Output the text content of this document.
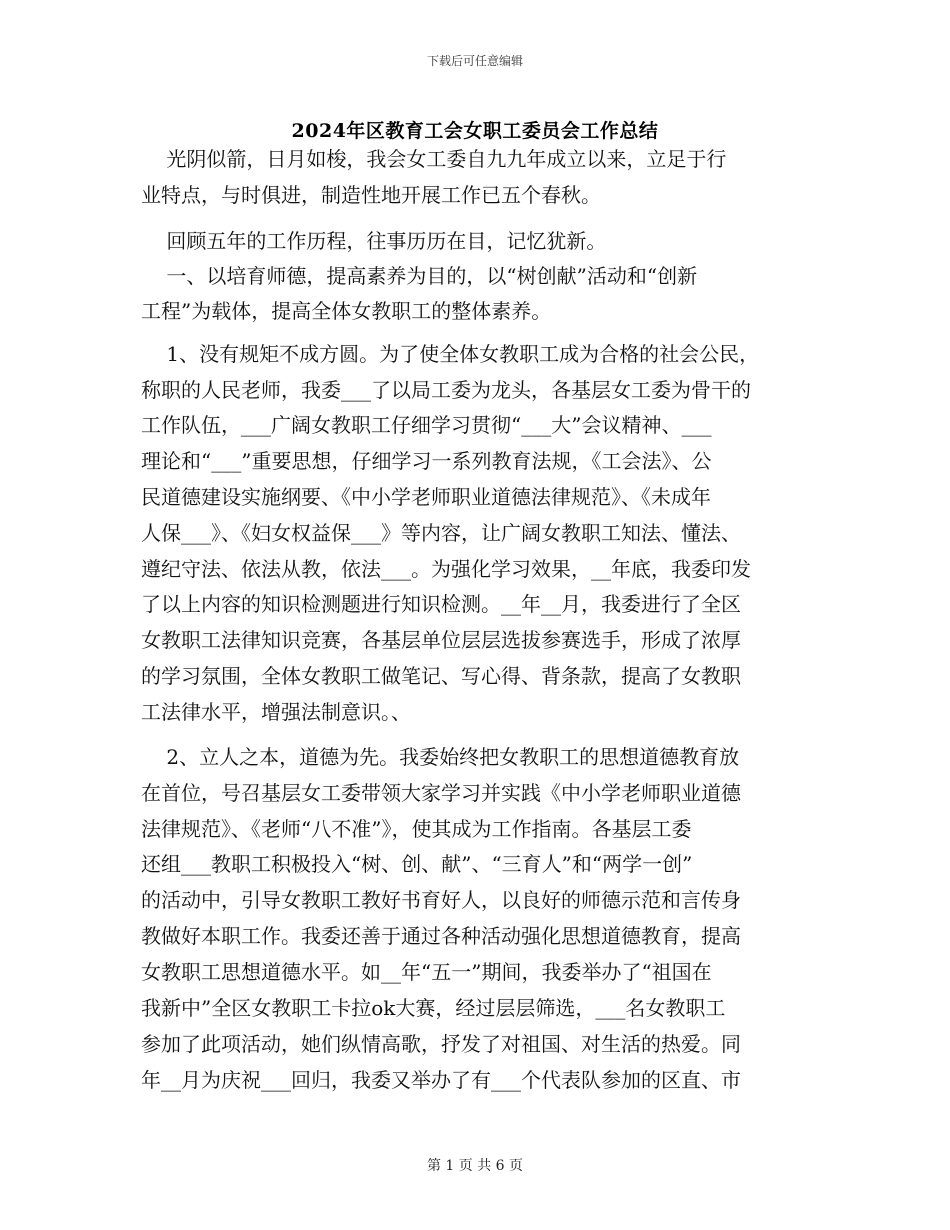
下载后可任意编辑
2024年区教育工会女职工委员会工作总结
光阴似箭，日月如梭，我会女工委自九九年成立以来，立足于行
业特点，与时俱进，制造性地开展工作已五个春秋。
回顾五年的工作历程，往事历历在目，记忆犹新。
一、以培育师德，提高素养为目的，以“树创献”活动和“创新
工程”为载体，提高全体女教职工的整体素养。
1、没有规矩不成方圆。为了使全体女教职工成为合格的社会公民，
称职的人民老师，我委___了以局工委为龙头，各基层女工委为骨干的
工作队伍，___广阔女教职工仔细学习贯彻“___大”会议精神、___
理论和“___”重要思想，仔细学习一系列教育法规，《工会法》、公
民道德建设实施纲要、《中小学老师职业道德法律规范》、《未成年
人保___》、《妇女权益保___》等内容，让广阔女教职工知法、懂法、
遵纪守法、依法从教，依法___。为强化学习效果，__年底，我委印发
了以上内容的知识检测题进行知识检测。__年__月，我委进行了全区
女教职工法律知识竞赛，各基层单位层层选拔参赛选手，形成了浓厚
的学习氛围，全体女教职工做笔记、写心得、背条款，提高了女教职
工法律水平，增强法制意识。、
2、立人之本，道德为先。我委始终把女教职工的思想道德教育放
在首位，号召基层女工委带领大家学习并实践《中小学老师职业道德
法律规范》、《老师“八不准”》，使其成为工作指南。各基层工委
还组___教职工积极投入“树、创、献”、“三育人”和“两学一创”
的活动中，引导女教职工教好书育好人，以良好的师德示范和言传身
教做好本职工作。我委还善于通过各种活动强化思想道德教育，提高
女教职工思想道德水平。如__年“五一”期间，我委举办了“祖国在
我新中”全区女教职工卡拉ok大赛，经过层层筛选，___名女教职工
参加了此项活动，她们纵情高歌，抒发了对祖国、对生活的热爱。同
年__月为庆祝___回归，我委又举办了有___个代表队参加的区直、市
第 1 页 共 6 页
